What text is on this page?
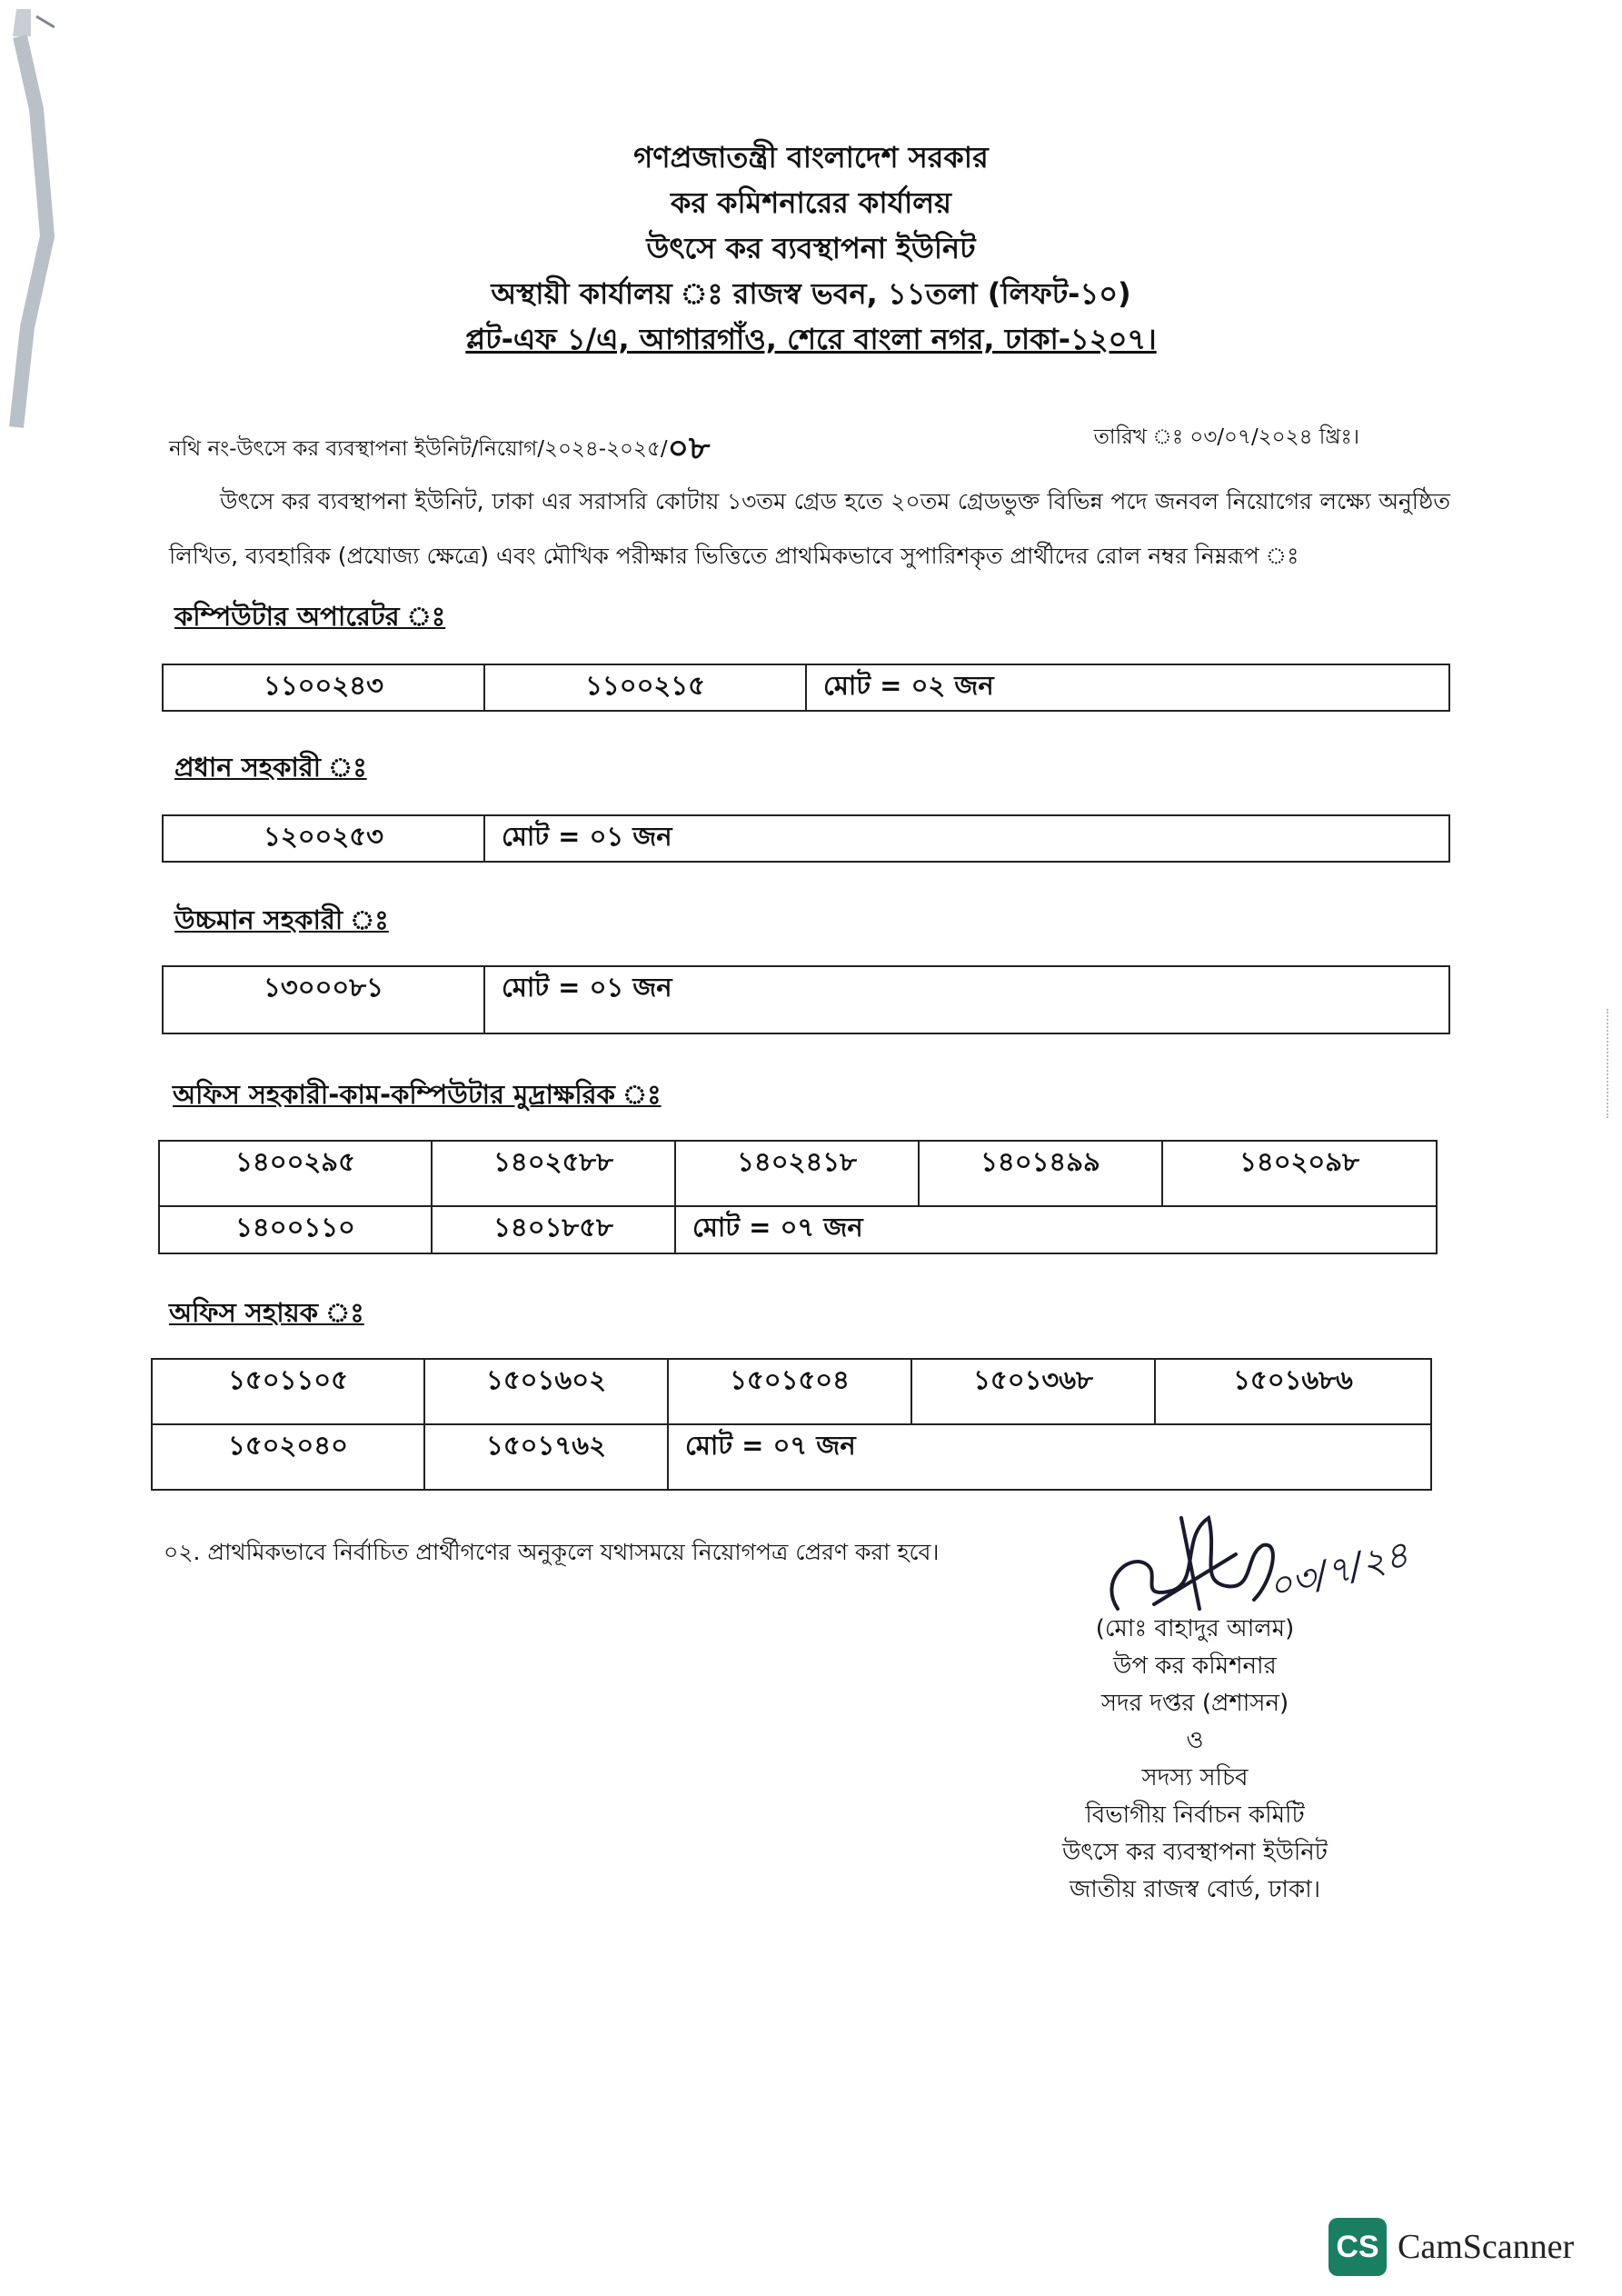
গণপ্রজাতন্ত্রী বাংলাদেশ সরকার
কর কমিশনারের কার্যালয়
উৎসে কর ব্যবস্থাপনা ইউনিট
অস্থায়ী কার্যালয় ঃ রাজস্ব ভবন, ১১তলা (লিফট-১০)
প্লট-এফ ১/এ, আগারগাঁও, শেরে বাংলা নগর, ঢাকা-১২০৭।
নথি নং-উৎসে কর ব্যবস্থাপনা ইউনিট/নিয়োগ/২০২৪-২০২৫/০৮	তারিখ ঃ ০৩/০৭/২০২৪ খ্রিঃ।
উৎসে কর ব্যবস্থাপনা ইউনিট, ঢাকা এর সরাসরি কোটায় ১৩তম গ্রেড হতে ২০তম গ্রেডভুক্ত বিভিন্ন পদে জনবল নিয়োগের লক্ষ্যে অনুষ্ঠিত লিখিত, ব্যবহারিক (প্রযোজ্য ক্ষেত্রে) এবং মৌখিক পরীক্ষার ভিত্তিতে প্রাথমিকভাবে সুপারিশকৃত প্রার্থীদের রোল নম্বর নিম্নরূপ ঃ
কম্পিউটার অপারেটর ঃ
১১০০২৪৩	১১০০২১৫	মোট = ০২ জন
প্রধান সহকারী ঃ
১২০০২৫৩	মোট = ০১ জন
উচ্চমান সহকারী ঃ
১৩০০০৮১	মোট = ০১ জন
অফিস সহকারী-কাম-কম্পিউটার মুদ্রাক্ষরিক ঃ
১৪০০২৯৫	১৪০২৫৮৮	১৪০২৪১৮	১৪০১৪৯৯	১৪০২০৯৮
১৪০০১১০	১৪০১৮৫৮	মোট = ০৭ জন		
অফিস সহায়ক ঃ
১৫০১১০৫	১৫০১৬০২	১৫০১৫০৪	১৫০১৩৬৮	১৫০১৬৮৬
১৫০২০৪০	১৫০১৭৬২	মোট = ০৭ জন		
০২. প্রাথমিকভাবে নির্বাচিত প্রার্থীগণের অনুকূলে যথাসময়ে নিয়োগপত্র প্রেরণ করা হবে।	০৩/৭/২৪
(মোঃ বাহাদুর আলম)
উপ কর কমিশনার
সদর দপ্তর (প্রশাসন)
ও
সদস্য সচিব
বিভাগীয় নির্বাচন কমিটি
উৎসে কর ব্যবস্থাপনা ইউনিট
জাতীয় রাজস্ব বোর্ড, ঢাকা।
CS CamScanner
